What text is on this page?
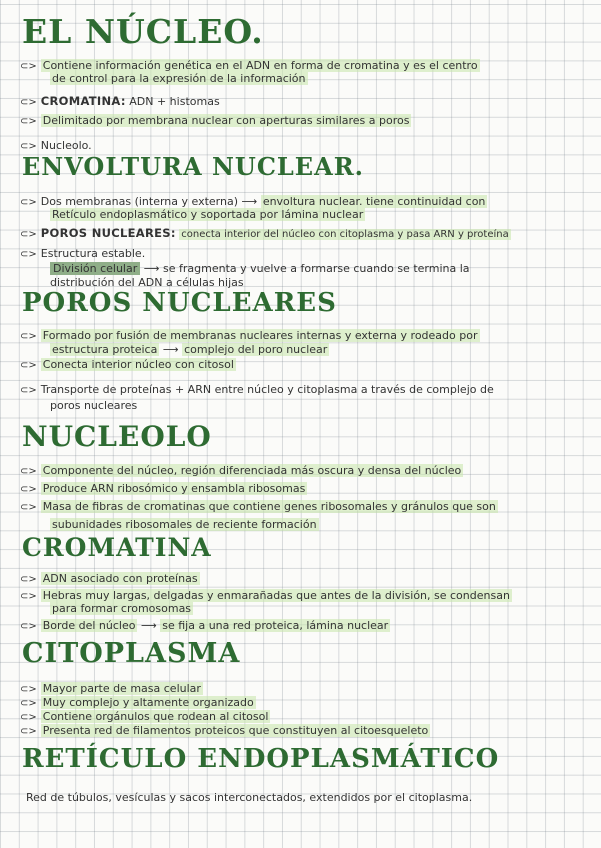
EL NÚCLEO.
⊂> Contiene información genética en el ADN en forma de cromatina y es el centro
de control para la expresión de la información
⊂> CROMATINA: ADN + histomas
⊂> Delimitado por membrana nuclear con aperturas similares a poros
⊂> Nucleolo.
ENVOLTURA NUCLEAR.
⊂> Dos membranas (interna y externa) ⟶ envoltura nuclear. tiene continuidad con
Retículo endoplasmático y soportada por lámina nuclear
⊂> POROS NUCLEARES: conecta interior del núcleo con citoplasma y pasa ARN y proteína
⊂> Estructura estable.
División celular ⟶ se fragmenta y vuelve a formarse cuando se termina la
distribución del ADN a células hijas
POROS NUCLEARES
⊂> Formado por fusión de membranas nucleares internas y externa y rodeado por
estructura proteica ⟶ complejo del poro nuclear
⊂> Conecta interior núcleo con citosol
⊂> Transporte de proteínas + ARN entre núcleo y citoplasma a través de complejo de
poros nucleares
NUCLEOLO
⊂> Componente del núcleo, región diferenciada más oscura y densa del núcleo
⊂> Produce ARN ribosómico y ensambla ribosomas
⊂> Masa de fibras de cromatinas que contiene genes ribosomales y gránulos que son
subunidades ribosomales de reciente formación
CROMATINA
⊂> ADN asociado con proteínas
⊂> Hebras muy largas, delgadas y enmarañadas que antes de la división, se condensan
para formar cromosomas
⊂> Borde del núcleo ⟶ se fija a una red proteica, lámina nuclear
CITOPLASMA
⊂> Mayor parte de masa celular
⊂> Muy complejo y altamente organizado
⊂> Contiene orgánulos que rodean al citosol
⊂> Presenta red de filamentos proteicos que constituyen al citoesqueleto
RETÍCULO ENDOPLASMÁTICO
Red de túbulos, vesículas y sacos interconectados, extendidos por el citoplasma.
